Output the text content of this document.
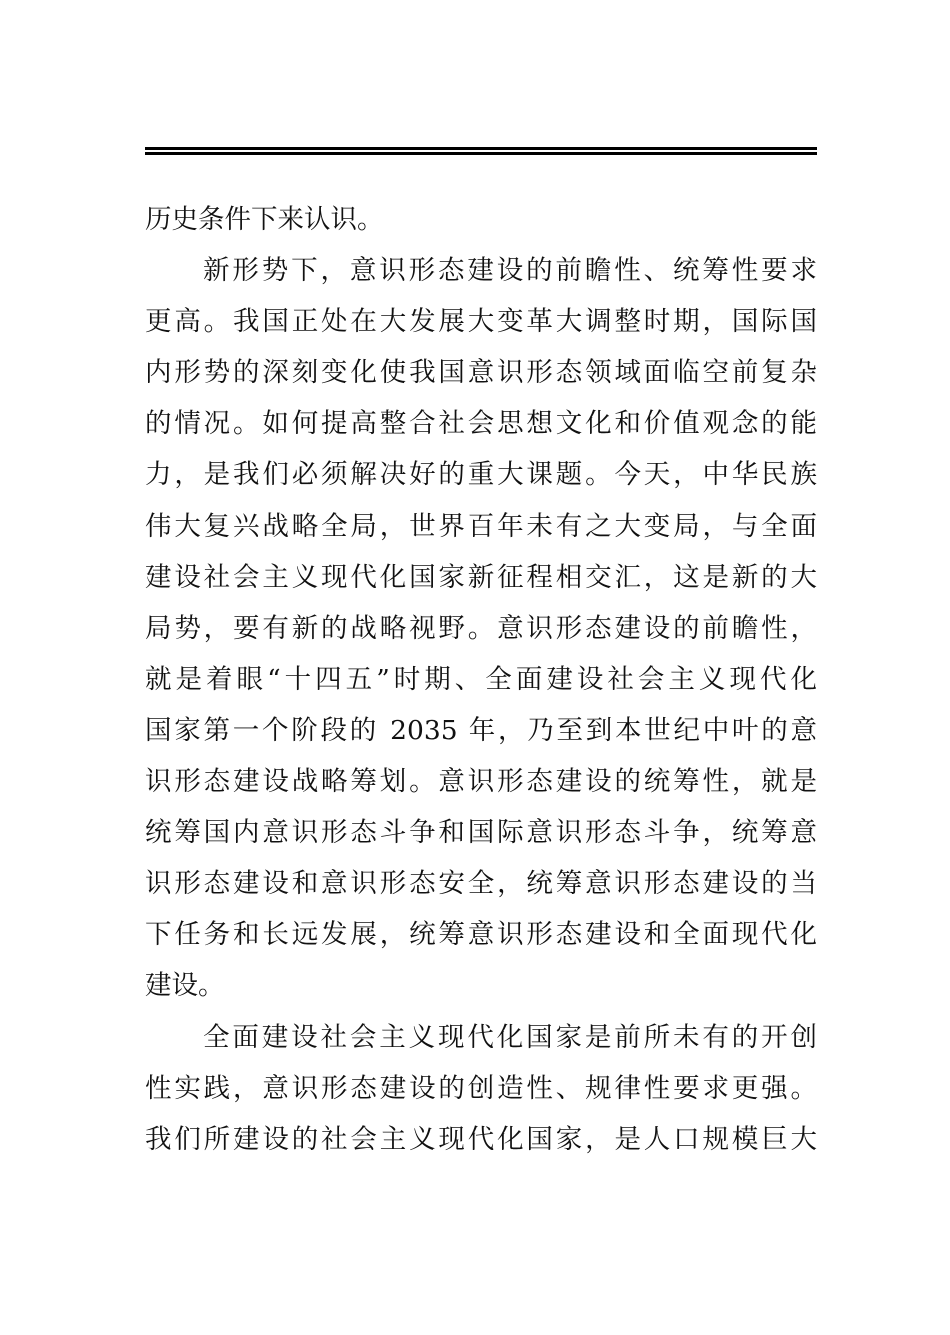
历史条件下来认识。
新形势下，意识形态建设的前瞻性、统筹性要求
更高。我国正处在大发展大变革大调整时期，国际国
内形势的深刻变化使我国意识形态领域面临空前复杂
的情况。如何提高整合社会思想文化和价值观念的能
力，是我们必须解决好的重大课题。今天，中华民族
伟大复兴战略全局，世界百年未有之大变局，与全面
建设社会主义现代化国家新征程相交汇，这是新的大
局势，要有新的战略视野。意识形态建设的前瞻性，
就是着眼“十四五”时期、全面建设社会主义现代化
国家第一个阶段的 2035 年，乃至到本世纪中叶的意
识形态建设战略筹划。意识形态建设的统筹性，就是
统筹国内意识形态斗争和国际意识形态斗争，统筹意
识形态建设和意识形态安全，统筹意识形态建设的当
下任务和长远发展，统筹意识形态建设和全面现代化
建设。
全面建设社会主义现代化国家是前所未有的开创
性实践，意识形态建设的创造性、规律性要求更强。
我们所建设的社会主义现代化国家，是人口规模巨大
